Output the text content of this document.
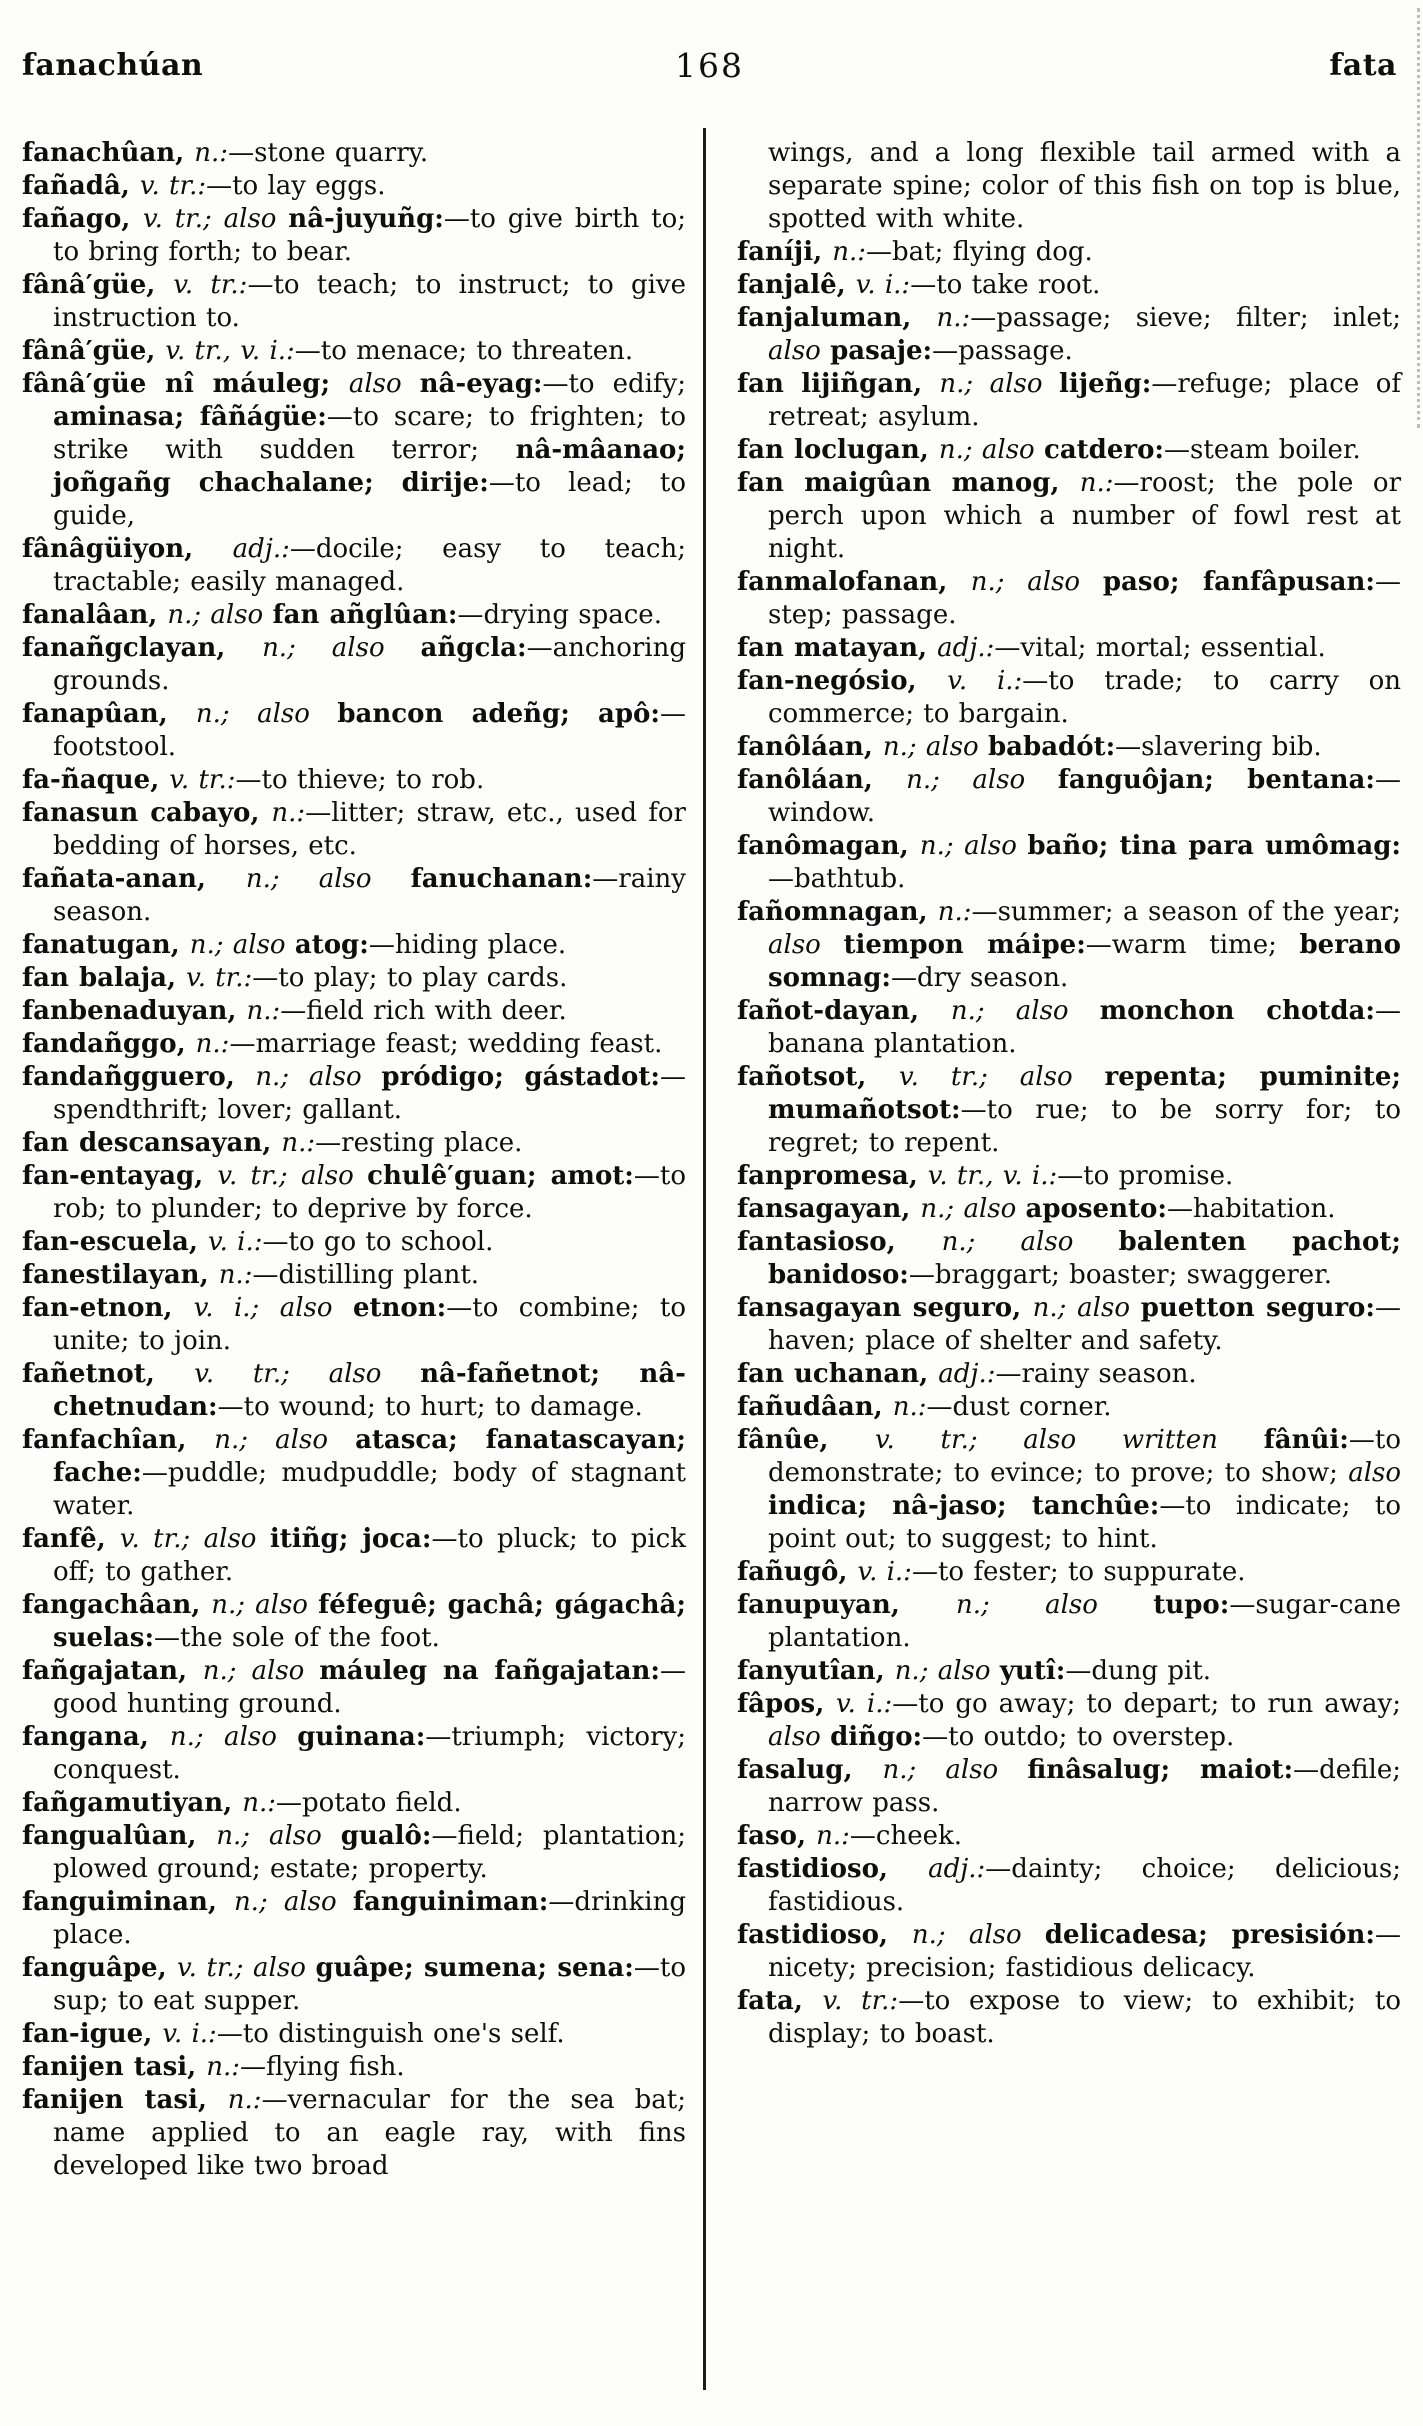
fanachúan	168	fata

fanachûan, n.:—stone quarry.

fañadâ, v. tr.:—to lay eggs.

fañago, v. tr.; also nâ-juyuñg:—to give birth to; to bring forth; to bear.

fânâ′güe, v. tr.:—to teach; to instruct; to give instruction to.

fânâ′güe, v. tr., v. i.:—to menace; to threaten.

fânâ′güe nî máuleg; also nâ-eyag:—to edify; aminasa; fâñágüe:—to scare; to frighten; to strike with sudden terror; nâ-mâanao; joñgañg chachalane; dirije:—to lead; to guide,

fânâgüiyon, adj.:—docile; easy to teach; tractable; easily managed.

fanalâan, n.; also fan añglûan:—drying space.

fanañgclayan, n.; also añgcla:—anchoring grounds.

fanapûan, n.; also bancon adeñg; apô:—footstool.

fa-ñaque, v. tr.:—to thieve; to rob.

fanasun cabayo, n.:—litter; straw, etc., used for bedding of horses, etc.

fañata-anan, n.; also fanuchanan:—rainy season.

fanatugan, n.; also atog:—hiding place.

fan balaja, v. tr.:—to play; to play cards.

fanbenaduyan, n.:—field rich with deer.

fandañggo, n.:—marriage feast; wedding feast.

fandañgguero, n.; also pródigo; gástadot:—spendthrift; lover; gallant.

fan descansayan, n.:—resting place.

fan-entayag, v. tr.; also chulê′guan; amot:—to rob; to plunder; to deprive by force.

fan-escuela, v. i.:—to go to school.

fanestilayan, n.:—distilling plant.

fan-etnon, v. i.; also etnon:—to combine; to unite; to join.

fañetnot, v. tr.; also nâ-fañetnot; nâ-chetnudan:—to wound; to hurt; to damage.

fanfachîan, n.; also atasca; fanatascayan; fache:—puddle; mudpuddle; body of stagnant water.

fanfê, v. tr.; also itiñg; joca:—to pluck; to pick off; to gather.

fangachâan, n.; also féfeguê; gachâ; gágachâ; suelas:—the sole of the foot.

fañgajatan, n.; also máuleg na fañgajatan:—good hunting ground.

fangana, n.; also guinana:—triumph; victory; conquest.

fañgamutiyan, n.:—potato field.

fangualûan, n.; also gualô:—field; plantation; plowed ground; estate; property.

fanguiminan, n.; also fanguiniman:—drinking place.

fanguâpe, v. tr.; also guâpe; sumena; sena:—to sup; to eat supper.

fan-igue, v. i.:—to distinguish one's self.

fanijen tasi, n.:—flying fish.

fanijen tasi, n.:—vernacular for the sea bat; name applied to an eagle ray, with fins developed like two broad

wings, and a long flexible tail armed with a separate spine; color of this fish on top is blue, spotted with white.

faníji, n.:—bat; flying dog.

fanjalê, v. i.:—to take root.

fanjaluman, n.:—passage; sieve; filter; inlet; also pasaje:—passage.

fan lijiñgan, n.; also lijeñg:—refuge; place of retreat; asylum.

fan loclugan, n.; also catdero:—steam boiler.

fan maigûan manog, n.:—roost; the pole or perch upon which a number of fowl rest at night.

fanmalofanan, n.; also paso; fanfâpusan:—step; passage.

fan matayan, adj.:—vital; mortal; essential.

fan-negósio, v. i.:—to trade; to carry on commerce; to bargain.

fanôláan, n.; also babadót:—slavering bib.

fanôláan, n.; also fanguôjan; bentana:—window.

fanômagan, n.; also baño; tina para umômag:—bathtub.

fañomnagan, n.:—summer; a season of the year; also tiempon máipe:—warm time; berano somnag:—dry season.

fañot-dayan, n.; also monchon chotda:—banana plantation.

fañotsot, v. tr.; also repenta; puminite; mumañotsot:—to rue; to be sorry for; to regret; to repent.

fanpromesa, v. tr., v. i.:—to promise.

fansagayan, n.; also aposento:—habitation.

fantasioso, n.; also balenten pachot; banidoso:—braggart; boaster; swaggerer.

fansagayan seguro, n.; also puetton seguro:—haven; place of shelter and safety.

fan uchanan, adj.:—rainy season.

fañudâan, n.:—dust corner.

fânûe, v. tr.; also written fânûi:—to demonstrate; to evince; to prove; to show; also indica; nâ-jaso; tanchûe:—to indicate; to point out; to suggest; to hint.

fañugô, v. i.:—to fester; to suppurate.

fanupuyan, n.; also tupo:—sugar-cane plantation.

fanyutîan, n.; also yutî:—dung pit.

fâpos, v. i.:—to go away; to depart; to run away; also diñgo:—to outdo; to overstep.

fasalug, n.; also finâsalug; maiot:—defile; narrow pass.

faso, n.:—cheek.

fastidioso, adj.:—dainty; choice; delicious; fastidious.

fastidioso, n.; also delicadesa; presisión:—nicety; precision; fastidious delicacy.

fata, v. tr.:—to expose to view; to exhibit; to display; to boast.
